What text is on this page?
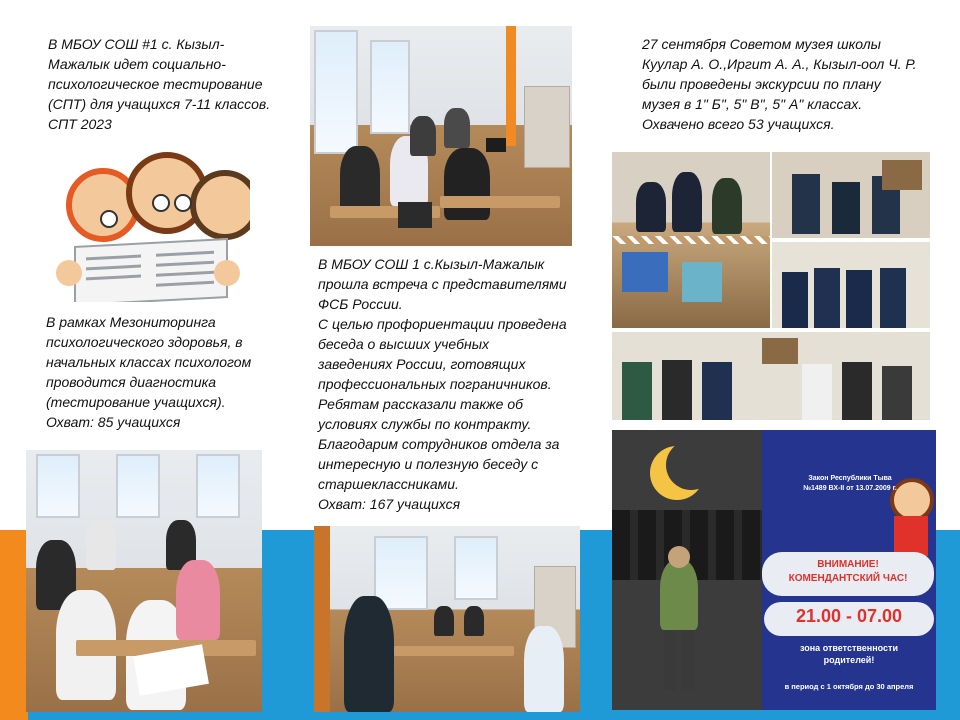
В МБОУ СОШ #1 с. Кызыл-
Мажалык идет социально-
психологическое тестирование
(СПТ) для учащихся 7-11 классов.
СПТ 2023
В рамках Мезониторинга
психологического здоровья, в
начальных классах психологом
проводится диагностика
(тестирование учащихся).
Охват: 85 учащихся
В МБОУ СОШ 1 с.Кызыл-Мажалык
прошла встреча с представителями
ФСБ России.
С целью профориентации проведена
беседа о высших учебных
заведениях России, готовящих
профессиональных пограничников.
Ребятам рассказали также об
условиях службы по контракту.
Благодарим сотрудников отдела за
интересную и полезную беседу с
старшеклассниками.
Охват: 167 учащихся
27 сентября Советом музея школы
Куулар А. О.,Иргит А. А., Кызыл-оол Ч. Р.
были проведены экскурсии по плану
музея в 1" Б", 5" В", 5" А" классах.
Охвачено всего 53 учащихся.
Закон Республики Тыва
№1489 ВХ-II от 13.07.2009 г.
ВНИМАНИЕ!
КОМЕНДАНТСКИЙ ЧАС!
21.00 - 07.00
зона ответственности
родителей!
в период с 1 октября до 30 апреля
